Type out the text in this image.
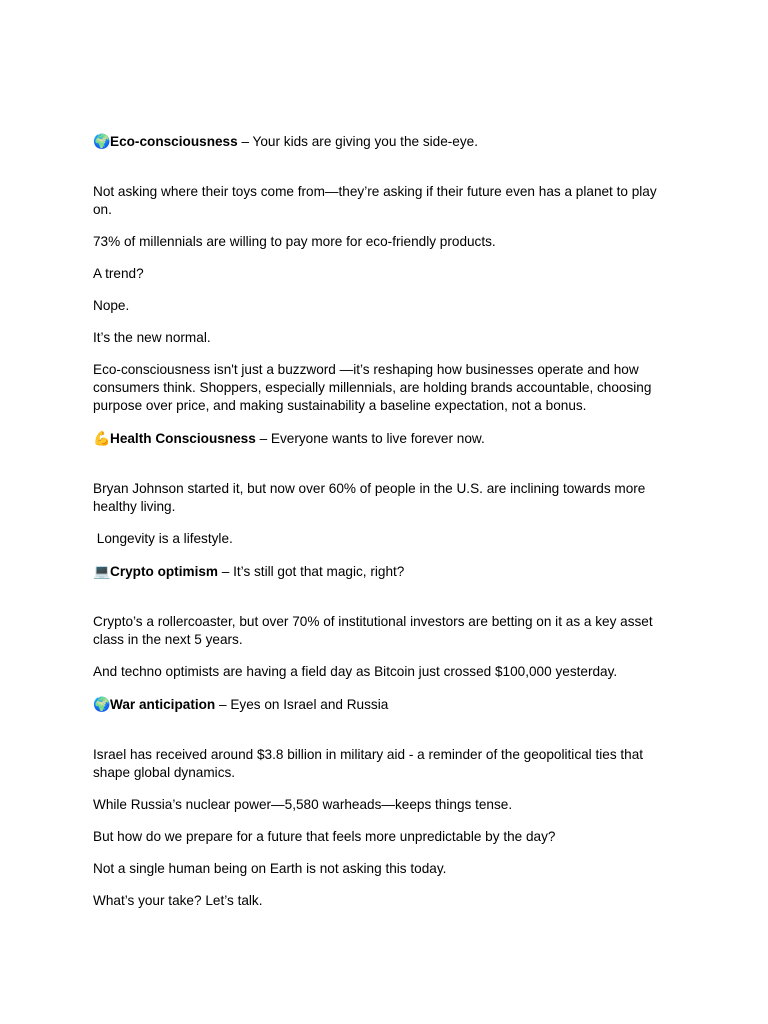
🌍Eco-consciousness – Your kids are giving you the side-eye.

Not asking where their toys come from—they’re asking if their future even has a planet to play on.

73% of millennials are willing to pay more for eco-friendly products.

A trend?

Nope.

It’s the new normal.

Eco-consciousness isn't just a buzzword —it’s reshaping how businesses operate and how consumers think. Shoppers, especially millennials, are holding brands accountable, choosing purpose over price, and making sustainability a baseline expectation, not a bonus.

💪Health Consciousness – Everyone wants to live forever now.

Bryan Johnson started it, but now over 60% of people in the U.S. are inclining towards more healthy living.

Longevity is a lifestyle.

💻Crypto optimism – It’s still got that magic, right?

Crypto’s a rollercoaster, but over 70% of institutional investors are betting on it as a key asset class in the next 5 years.

And techno optimists are having a field day as Bitcoin just crossed $100,000 yesterday.

🌍War anticipation – Eyes on Israel and Russia

Israel has received around $3.8 billion in military aid - a reminder of the geopolitical ties that shape global dynamics.

While Russia’s nuclear power—5,580 warheads—keeps things tense.

But how do we prepare for a future that feels more unpredictable by the day?

Not a single human being on Earth is not asking this today.

What’s your take? Let’s talk.
